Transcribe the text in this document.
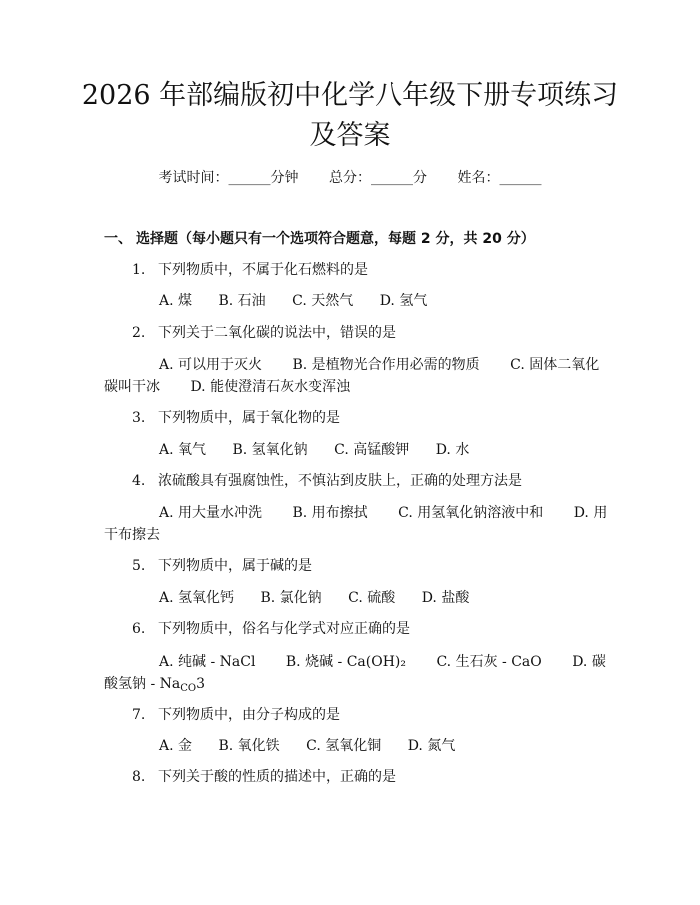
2026 年部编版初中化学八年级下册专项练习
及答案
考试时间：______分钟 总分：______分 姓名：______
一、 选择题（每小题只有一个选项符合题意，每题 2 分，共 20 分）
1. 下列物质中，不属于化石燃料的是
A. 煤 B. 石油 C. 天然气 D. 氢气
2. 下列关于二氧化碳的说法中，错误的是
A. 可以用于灭火 B. 是植物光合作用必需的物质 C. 固体二氧化
碳叫干冰 D. 能使澄清石灰水变浑浊
3. 下列物质中，属于氧化物的是
A. 氧气 B. 氢氧化钠 C. 高锰酸钾 D. 水
4. 浓硫酸具有强腐蚀性，不慎沾到皮肤上，正确的处理方法是
A. 用大量水冲洗 B. 用布擦拭 C. 用氢氧化钠溶液中和 D. 用
干布擦去
5. 下列物质中，属于碱的是
A. 氢氧化钙 B. 氯化钠 C. 硫酸 D. 盐酸
6. 下列物质中，俗名与化学式对应正确的是
A. 纯碱 - NaCl B. 烧碱 - Ca(OH)₂ C. 生石灰 - CaO D. 碳
酸氢钠 - $Na_{CO}3$
7. 下列物质中，由分子构成的是
A. 金 B. 氧化铁 C. 氢氧化铜 D. 氮气
8. 下列关于酸的性质的描述中，正确的是
